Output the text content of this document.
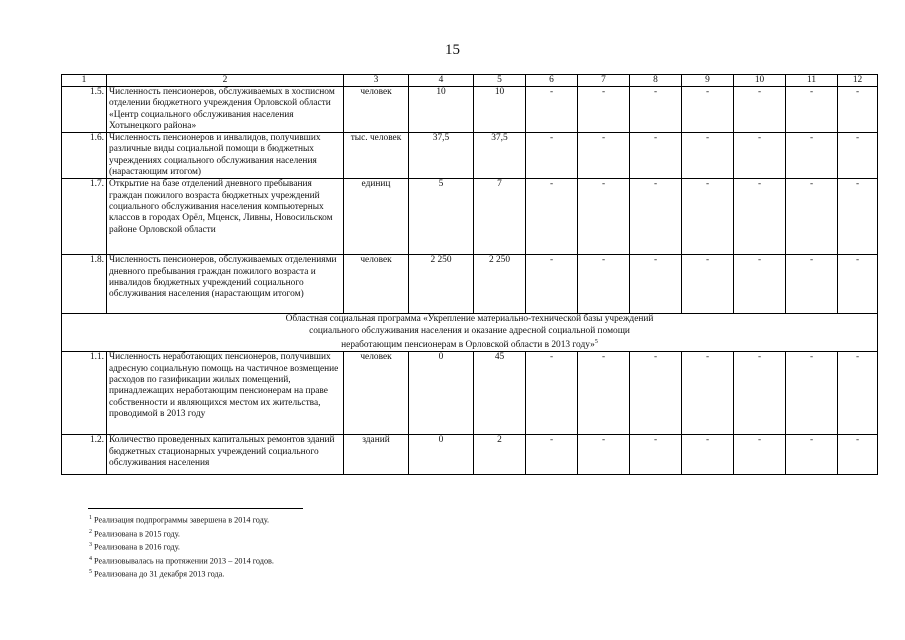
15
1	2	3	4	5	6	7	8	9	10	11	12
1.5.	Численность пенсионеров, обслуживаемых в хосписном отделении бюджетного учреждения Орловской области «Центр социального обслуживания населения Хотынецкого района»	человек	10	10	-	-	-	-	-	-	-
1.6.	Численность пенсионеров и инвалидов, получивших различные виды социальной помощи в бюджетных учреждениях социального обслуживания населения (нарастающим итогом)	тыс. человек	37,5	37,5	-	-	-	-	-	-	-
1.7.	Открытие на базе отделений дневного пребывания граждан пожилого возраста бюджетных учреждений социального обслуживания населения компьютерных классов в городах Орёл, Мценск, Ливны, Новосильском районе Орловской области	единиц	5	7	-	-	-	-	-	-	-
1.8.	Численность пенсионеров, обслуживаемых отделениями дневного пребывания граждан пожилого возраста и инвалидов бюджетных учреждений социального обслуживания населения (нарастающим итогом)	человек	2 250	2 250	-	-	-	-	-	-	-

Областная социальная программа «Укрепление материально-технической базы учреждений
социального обслуживания населения и оказание адресной социальной помощи
неработающим пенсионерам в Орловской области в 2013 году»$^5$

1.1.	Численность неработающих пенсионеров, получивших адресную социальную помощь на частичное возмещение расходов по газификации жилых помещений, принадлежащих неработающим пенсионерам на праве собственности и являющихся местом их жительства, проводимой в 2013 году	человек	0	45	-	-	-	-	-	-	-
1.2.	Количество проведенных капитальных ремонтов зданий бюджетных стационарных учреждений социального обслуживания населения	зданий	0	2	-	-	-	-	-	-	-
$^1$ Реализация подпрограммы завершена в 2014 году.
$^2$ Реализована в 2015 году.
$^3$ Реализована в 2016 году.
$^4$ Реализовывалась на протяжении 2013 – 2014 годов.
$^5$ Реализована до 31 декабря 2013 года.
